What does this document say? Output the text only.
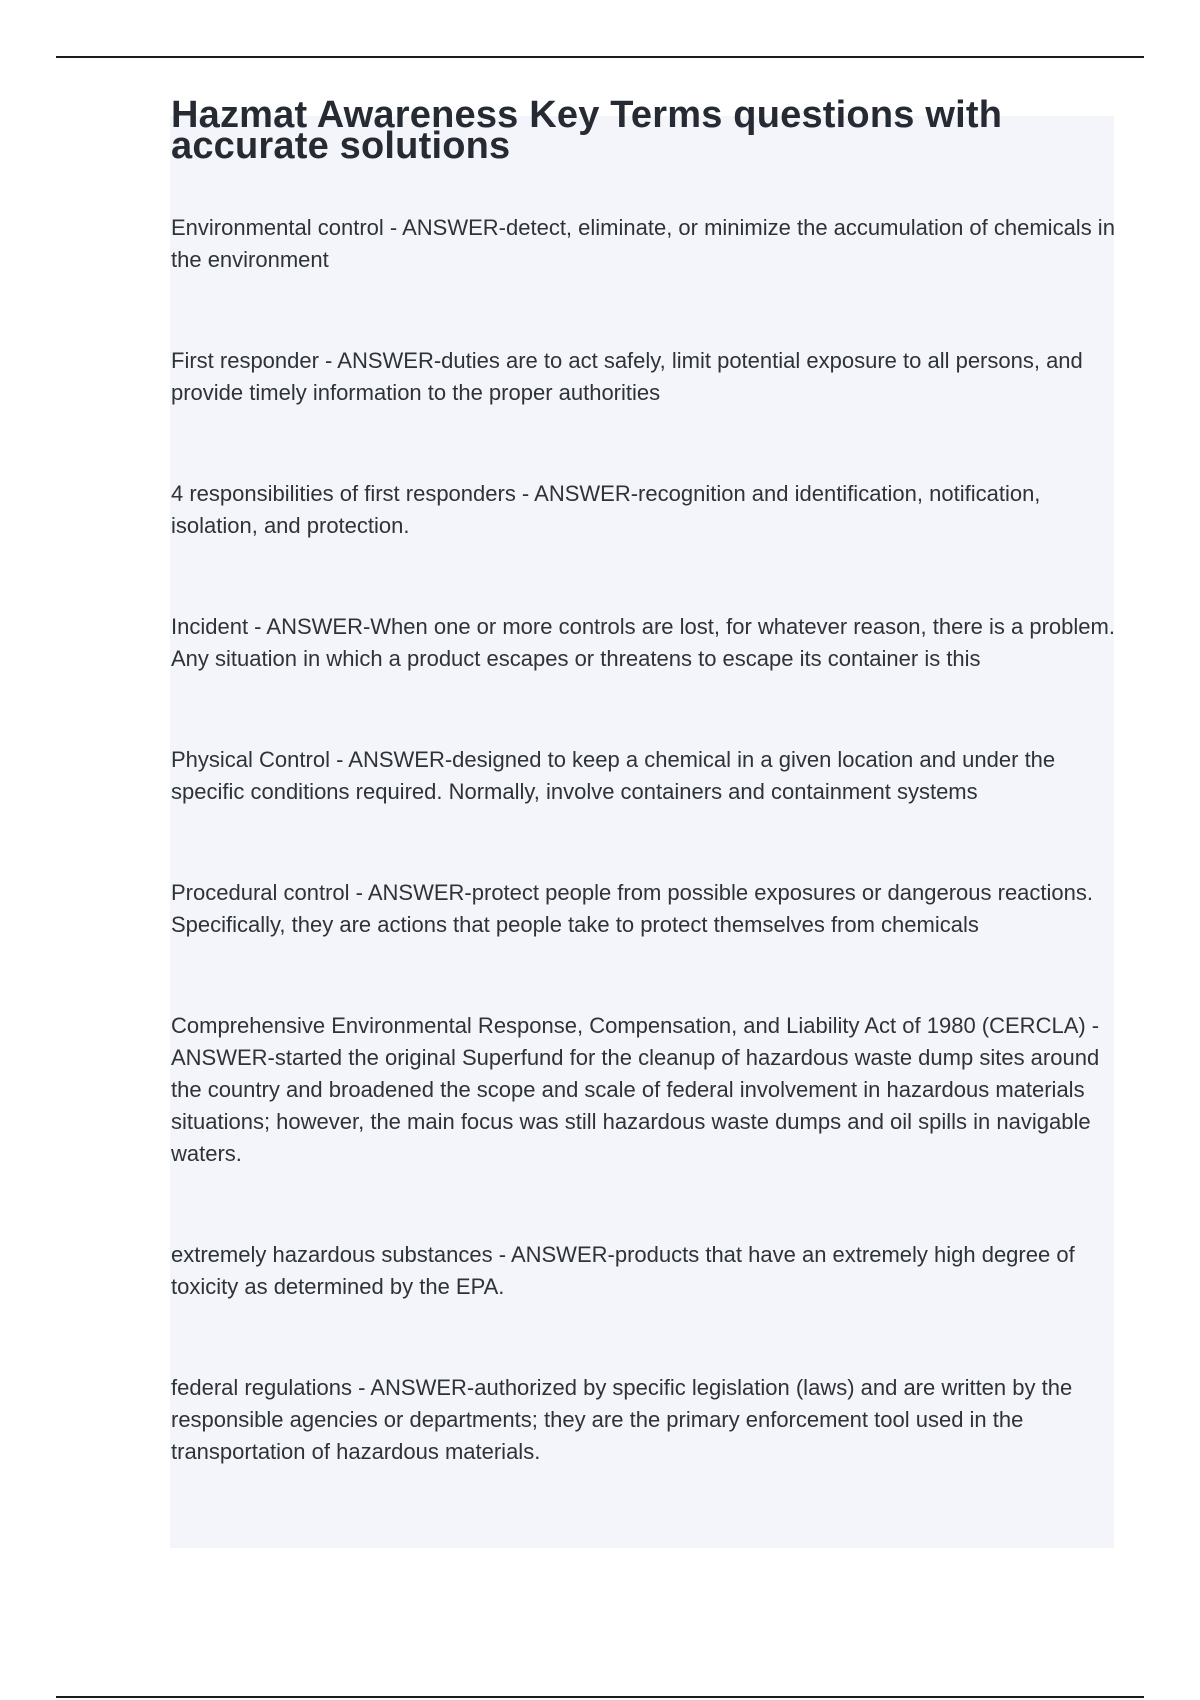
Hazmat Awareness Key Terms questions with accurate solutions

Environmental control - ANSWER-detect, eliminate, or minimize the accumulation of chemicals in the environment

First responder - ANSWER-duties are to act safely, limit potential exposure to all persons, and provide timely information to the proper authorities

4 responsibilities of first responders - ANSWER-recognition and identification, notification, isolation, and protection.

Incident - ANSWER-When one or more controls are lost, for whatever reason, there is a problem. Any situation in which a product escapes or threatens to escape its container is this

Physical Control - ANSWER-designed to keep a chemical in a given location and under the specific conditions required. Normally, involve containers and containment systems

Procedural control - ANSWER-protect people from possible exposures or dangerous reactions. Specifically, they are actions that people take to protect themselves from chemicals

Comprehensive Environmental Response, Compensation, and Liability Act of 1980 (CERCLA) - ANSWER-started the original Superfund for the cleanup of hazardous waste dump sites around the country and broadened the scope and scale of federal involvement in hazardous materials situations; however, the main focus was still hazardous waste dumps and oil spills in navigable waters.

extremely hazardous substances - ANSWER-products that have an extremely high degree of toxicity as determined by the EPA.

federal regulations - ANSWER-authorized by specific legislation (laws) and are written by the responsible agencies or departments; they are the primary enforcement tool used in the transportation of hazardous materials.
